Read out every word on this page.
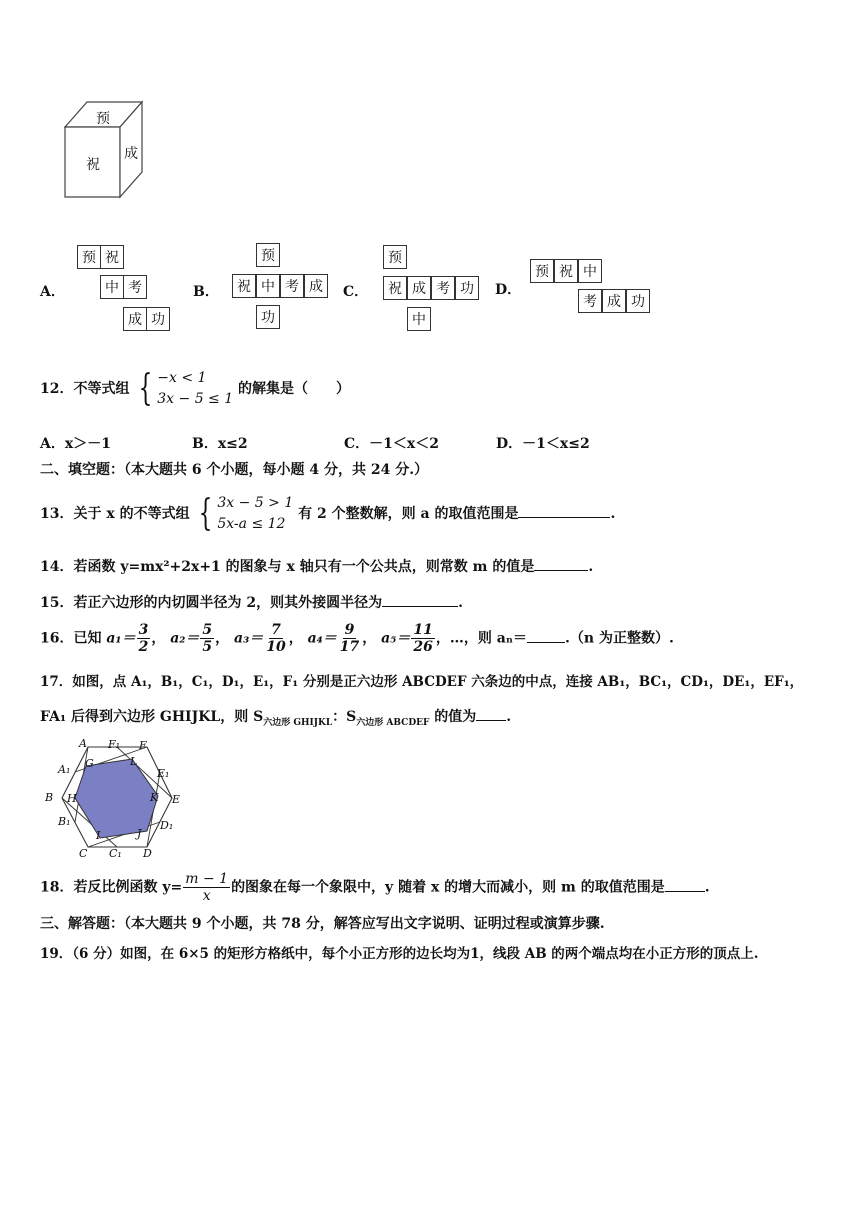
预
祝
成
A．
预 祝
中 考
成 功
B．
预
祝 中 考 成
功
C．
预
祝 成 考 功
中
D．
预 祝 中
考 成 功
12．不等式组 { −x < 1
3x − 5 ≤ 1
的解集是（　　）
A．x＞－1	B．x≤2	C．－1＜x＜2	D．－1＜x≤2
二、填空题：（本大题共 6 个小题，每小题 4 分，共 24 分.）
13．关于 x 的不等式组 { 3x − 5 > 1
5x-a ≤ 12
有 2 个整数解，则 a 的取值范围是	.
14．若函数 y=mx²+2x+1 的图象与 x 轴只有一个公共点，则常数 m 的值是	.
15．若正六边形的内切圆半径为 2，则其外接圆半径为	.
16．已知 $a_1= \frac{3}{2}$ ， $a_2= \frac{5}{5}$ ， $a_3= \frac{7}{10}$ ， $a_4= \frac{9}{17}$ ， $a_5= \frac{11}{26}$ ，…，则 aₙ＝	.（n 为正整数）.
17．如图，点 A₁，B₁，C₁，D₁，E₁，F₁ 分别是正六边形 ABCDEF 六条边的中点，连接 AB₁，BC₁，CD₁，DE₁，EF₁，
FA₁ 后得到六边形 GHIJKL，则 $S_{六边形 GHIJKL}$：$S_{六边形 ABCDEF}$ 的值为 .
A F₁ F
A₁ G	L
E₁
B H	K E
B₁
I	J
D₁
C C₁ D
18．若反比例函数 $y= \frac{m - 1}{x}$ 的图象在每一个象限中，y 随着 x 的增大而减小，则 m 的取值范围是	.
三、解答题：（本大题共 9 个小题，共 78 分，解答应写出文字说明、证明过程或演算步骤.
19．（6 分）如图，在 6×5 的矩形方格纸中，每个小正方形的边长均为1，线段 AB 的两个端点均在小正方形的顶点上.
